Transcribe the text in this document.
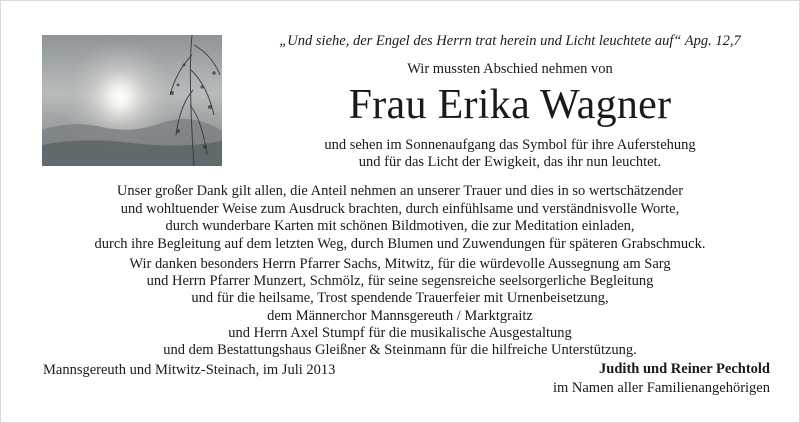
„Und siehe, der Engel des Herrn trat herein und Licht leuchtete auf“ Apg. 12,7
Wir mussten Abschied nehmen von
Frau Erika Wagner
und sehen im Sonnenaufgang das Symbol für ihre Auferstehung
und für das Licht der Ewigkeit, das ihr nun leuchtet.
Unser großer Dank gilt allen, die Anteil nehmen an unserer Trauer und dies in so wertschätzender
und wohltuender Weise zum Ausdruck brachten, durch einfühlsame und verständnisvolle Worte,
durch wunderbare Karten mit schönen Bildmotiven, die zur Meditation einladen,
durch ihre Begleitung auf dem letzten Weg, durch Blumen und Zuwendungen für späteren Grabschmuck.
Wir danken besonders Herrn Pfarrer Sachs, Mitwitz, für die würdevolle Aussegnung am Sarg
und Herrn Pfarrer Munzert, Schmölz, für seine segensreiche seelsorgerliche Begleitung
und für die heilsame, Trost spendende Trauerfeier mit Urnenbeisetzung,
dem Männerchor Mannsgereuth / Marktgraitz
und Herrn Axel Stumpf für die musikalische Ausgestaltung
und dem Bestattungshaus Gleißner & Steinmann für die hilfreiche Unterstützung.
Mannsgereuth und Mitwitz-Steinach, im Juli 2013	Judith und Reiner Pechtold
im Namen aller Familienangehörigen
